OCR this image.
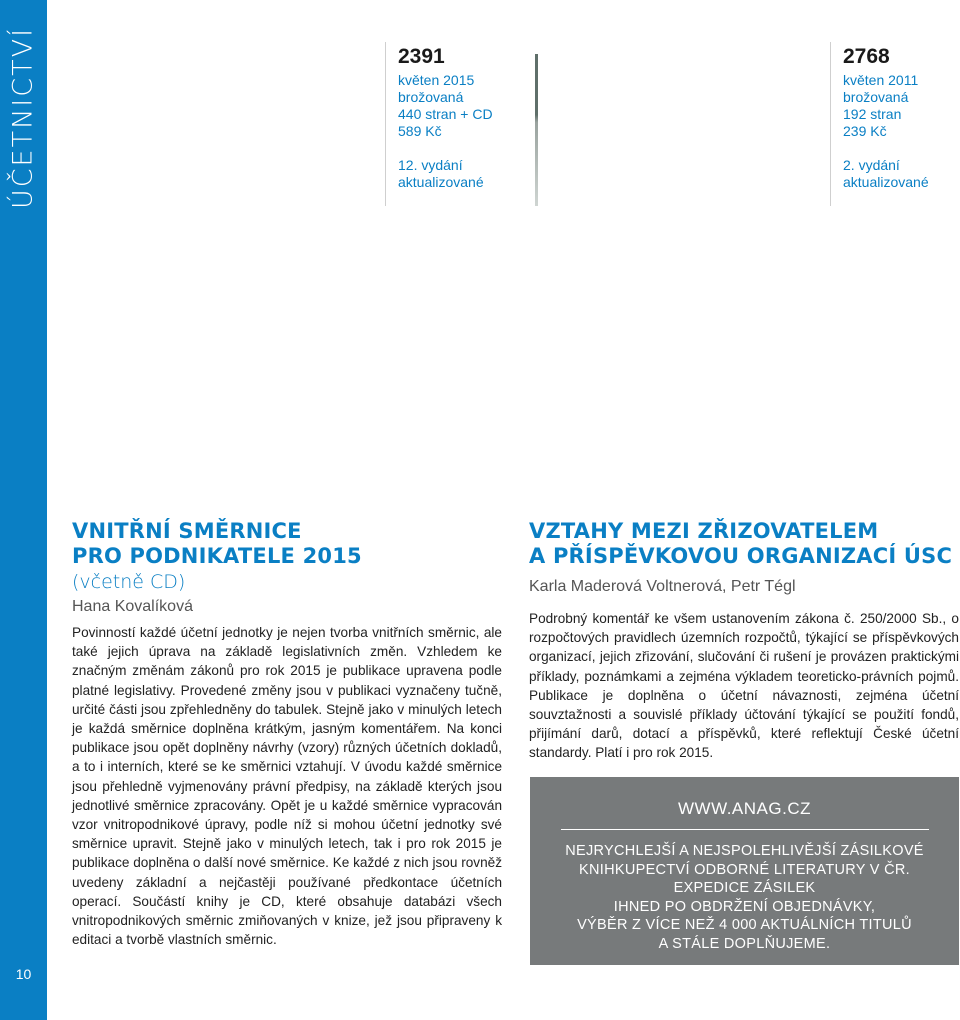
ÚČETNICTVÍ
10
2391
květen 2015
brožovaná
440 stran + CD
589 Kč
12. vydání
aktualizované
2768
květen 2011
brožovaná
192 stran
239 Kč
2. vydání
aktualizované
VNITŘNÍ SMĚRNICE
PRO PODNIKATELE 2015
(včetně CD)
Hana Kovalíková

Povinností každé účetní jednotky je nejen tvorba vnitřních směrnic, ale také jejich úprava na základě legislativních změn. Vzhledem ke značným změnám zákonů pro rok 2015 je publikace upravena podle platné legislativy. Provedené změny jsou v publikaci vyznačeny tučně, určité části jsou zpřehledněny do tabulek. Stejně jako v minulých letech je každá směrnice doplněna krátkým, jasným komentářem. Na konci publikace jsou opět doplněny návrhy (vzory) různých účetních dokladů, a to i interních, které se ke směrnici vztahují. V úvodu každé směrnice jsou přehledně vyjmenovány právní předpisy, na základě kterých jsou jednotlivé směrnice zpracovány. Opět je u každé směrnice vypracován vzor vnitropodnikové úpravy, podle níž si mohou účetní jednotky své směrnice upravit. Stejně jako v minulých letech, tak i pro rok 2015 je publikace doplněna o další nové směrnice. Ke každé z nich jsou rovněž uvedeny základní a nejčastěji používané předkontace účetních operací. Součástí knihy je CD, které obsahuje databázi všech vnitropodnikových směrnic zmiňovaných v knize, jež jsou připraveny k editaci a tvorbě vlastních směrnic.

VZTAHY MEZI ZŘIZOVATELEM
A PŘÍSPĚVKOVOU ORGANIZACÍ ÚSC
Karla Maderová Voltnerová, Petr Tégl

Podrobný komentář ke všem ustanovením zákona č. 250/2000 Sb., o rozpočtových pravidlech územních rozpočtů, týkající se příspěvkových organizací, jejich zřizování, slučování či rušení je provázen praktickými příklady, poznámkami a zejména výkladem teoreticko-právních pojmů. Publikace je doplněna o účetní návaznosti, zejména účetní souvztažnosti a souvislé příklady účtování týkající se použití fondů, přijímání darů, dotací a příspěvků, které reflektují České účetní standardy. Platí i pro rok 2015.

WWW.ANAG.CZ
NEJRYCHLEJŠÍ A NEJSPOLEHLIVĚJŠÍ ZÁSILKOVÉ
KNIHKUPECTVÍ ODBORNÉ LITERATURY V ČR.
EXPEDICE ZÁSILEK
IHNED PO OBDRŽENÍ OBJEDNÁVKY,
VÝBĚR Z VÍCE NEŽ 4 000 AKTUÁLNÍCH TITULŮ
A STÁLE DOPLŇUJEME.
